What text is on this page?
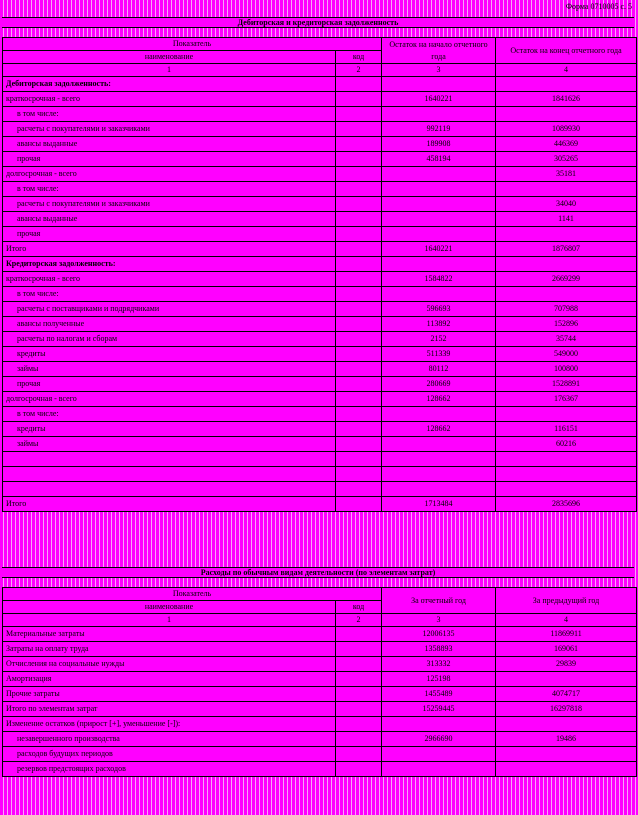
Форма 0710005 с. 5
Дебиторская и кредиторская задолженность
Показатель		Остаток на начало отчетного года	Остаток на конец отчетного года
наименование	код		
1	2	3	4
Дебиторская задолженность:			
краткосрочная - всего		1640221	1841626
в том числе:			
расчеты с покупателями и заказчиками		992119	1089930
авансы выданные		189908	446369
прочая		458194	305265
долгосрочная - всего			35181
в том числе:			
расчеты с покупателями и заказчиками			34040
авансы выданные			1141
прочая			
Итого		1640221	1876807
Кредиторская задолженность:			
краткосрочная - всего		1584822	2669299
в том числе:			
расчеты с поставщиками и подрядчиками		596693	707988
авансы полученные		113892	152896
расчеты по налогам и сборам		2152	35744
кредиты		511339	549000
займы		80112	100800
прочая		280669	1528891
долгосрочная - всего		128662	176367
в том числе:			
кредиты		128662	116151
займы			60216

Итого		1713484	2835696
Расходы по обычным видам деятельности (по элементам затрат)
Показатель		За отчетный год	За предыдущий год
наименование	код		
1	2	3	4
Материальные затраты		12006135	11869911
Затраты на оплату труда		1358893	169061
Отчисления на социальные нужды		313332	29839
Амортизация		125198	
Прочие затраты		1455489	4074717
Итого по элементам затрат		15259445	16297818
Изменение остатков (прирост [+], уменьшение [-]):			
незавершенного производства		2966690	19486
расходов будущих периодов			
резервов предстоящих расходов			
